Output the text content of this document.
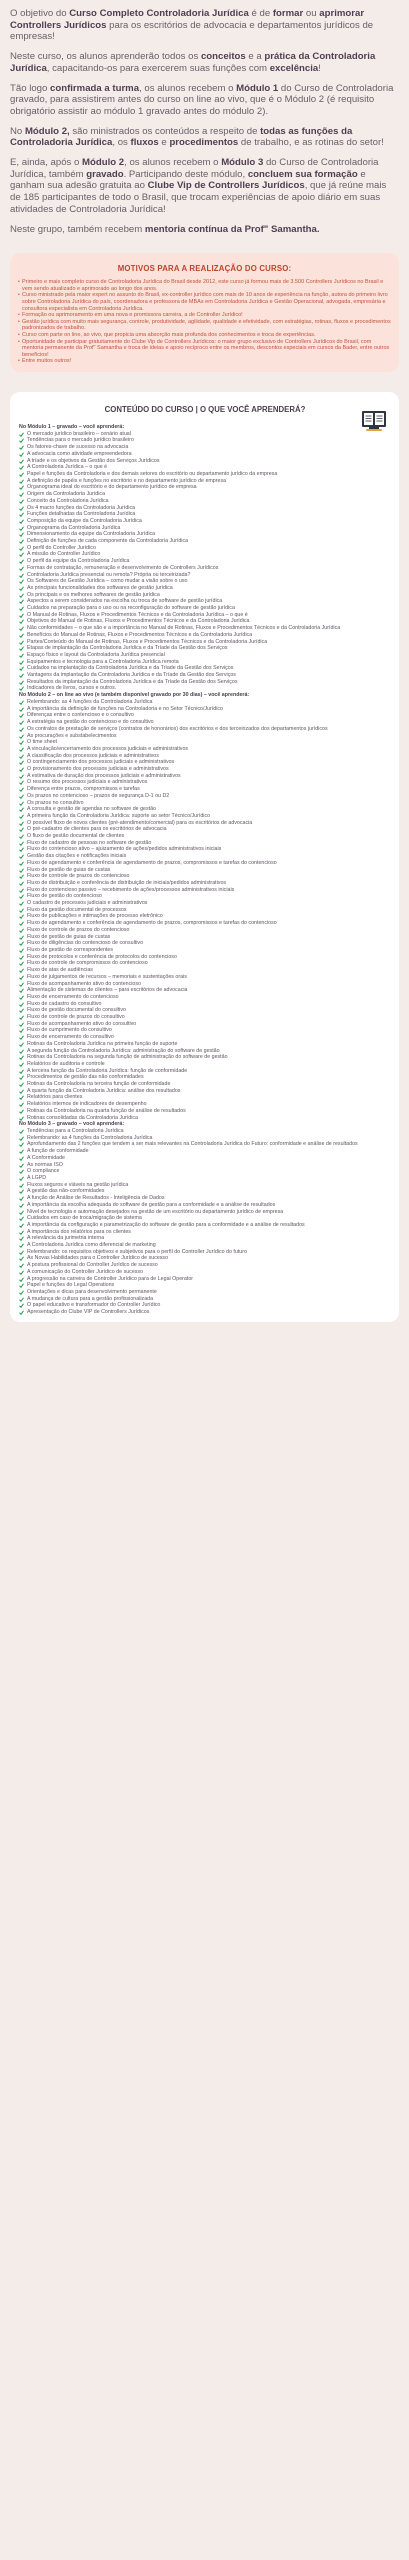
O objetivo do Curso Completo Controladoria Jurídica é de formar ou aprimorar Controllers Jurídicos para os escritórios de advocacia e departamentos jurídicos de empresas!

Neste curso, os alunos aprenderão todos os conceitos e a prática da Controladoria Jurídica, capacitando-os para exercerem suas funções com excelência!

Tão logo confirmada a turma, os alunos recebem o Módulo 1 do Curso de Controladoria gravado, para assistirem antes do curso on line ao vivo, que é o Módulo 2 (é requisito obrigatório assistir ao módulo 1 gravado antes do módulo 2).

No Módulo 2, são ministrados os conteúdos a respeito de todas as funções da Controladoria Jurídica, os fluxos e procedimentos de trabalho, e as rotinas do setor!

E, ainda, após o Módulo 2, os alunos recebem o Módulo 3 do Curso de Controladoria Jurídica, também gravado. Participando deste módulo, concluem sua formação e ganham sua adesão gratuita ao Clube Vip de Controllers Jurídicos, que já reúne mais de 185 participantes de todo o Brasil, que trocam experiências de apoio diário em suas atividades de Controladoria Jurídica!

Neste grupo, também recebem mentoria contínua da Prof" Samantha.

MOTIVOS PARA A REALIZAÇÃO DO CURSO:
• Primeiro e mais completo curso de Controladoria Jurídica do Brasil desde 2012, este curso já formou mais de 3.500 Controllers Jurídicos no Brasil e vem sendo atualizado e aprimorado ao longo dos anos.
• Curso ministrado pela maior expert no assunto do Brasil, ex-controller jurídico com mais de 10 anos de experiência na função, autora do primeiro livro sobre Controladoria Jurídica do país, coordenadora e professora de MBAs em Controladoria Jurídica e Gestão Operacional, advogada, empresária e consultora especialista em Controladoria Jurídica.
• Formação ou aprimoramento em uma nova e promissora carreira, a de Controller Jurídico!
• Gestão jurídica com muito mais segurança, controle, produtividade, agilidade, qualidade e efetividade, com estratégias, rotinas, fluxos e procedimentos padronizados de trabalho.
• Curso com parte on line, ao vivo, que propicia uma absorção mais profunda dos conhecimentos e troca de experiências.
• Oportunidade de participar gratuitamente do Clube Vip de Controllers Jurídicos: o maior grupo exclusivo de Controllers Jurídicos do Brasil, com mentoria permanente da Prof" Samantha e troca de ideias e apoio recíproco entre os membros, descontos especiais em cursos da Bader, entre outros benefícios!
• Entre muitos outros!
CONTEÚDO DO CURSO | O QUE VOCÊ APRENDERÁ?
No Módulo 1 – gravado – você aprenderá:
O mercado jurídico brasileiro – cenário atual
Tendências para o mercado jurídico brasileiro
Os fatores-chave de sucesso na advocacia
A advocacia como atividade empreendedora
A tríade e os objetivos da Gestão dos Serviços Jurídicos
A Controladoria Jurídica – o que é
Papel e funções da Controladoria e dos demais setores do escritório ou departamento jurídico da empresa
A definição de papéis e funções no escritório e no departamento jurídico de empresa
Organograma ideal do escritório e do departamento jurídico de empresa
Origem da Controladoria Jurídica
Conceito da Controladoria Jurídica
Os 4 macro funções da Controladoria Jurídica
Funções detalhadas da Controladoria Jurídica
Composição da equipe da Controladoria Jurídica
Organograma da Controladoria Jurídica
Dimensionamento da equipe da Controladoria Jurídica
Definição de funções de cada componente da Controladoria Jurídica
O perfil do Controller Jurídico
A missão do Controller Jurídico
O perfil da equipe da Controladoria Jurídica
Formas de contratação, remuneração e desenvolvimento de Controllers Jurídicos
Controladoria Jurídica presencial ou remota? Própria ou terceirizada?
Os Softwares de Gestão Jurídica – como mudar a visão sobre o uso
As principais funcionalidades dos softwares de gestão jurídica
Os principais e os melhores softwares de gestão jurídica
Aspectos a serem considerados na escolha ou troca de software de gestão jurídica
Cuidados na preparação para o uso ou na reconfiguração do software de gestão jurídica
O Manual de Rotinas, Fluxos e Procedimentos Técnicos e da Controladoria Jurídica – o que é
Objetivos do Manual de Rotinas, Fluxos e Procedimentos Técnicos e da Controladoria Jurídica
Não conformidades – o que são e a importância no Manual de Rotinas, Fluxos e Procedimentos Técnicos e da Controladoria Jurídica
Benefícios do Manual de Rotinas, Fluxos e Procedimentos Técnicos e da Controladoria Jurídica
Partes/Conteúdo do Manual de Rotinas, Fluxos e Procedimentos Técnicos e da Controladoria Jurídica
Etapas de implantação da Controladoria Jurídica e da Tríade da Gestão dos Serviços
Espaço físico e layout da Controladoria Jurídica presencial
Equipamentos e tecnologia para a Controladoria Jurídica remota
Cuidados na implantação da Controladoria Jurídica e da Tríade da Gestão dos Serviços
Vantagens da implantação da Controladoria Jurídica e da Tríade da Gestão dos Serviços
Resultados da implantação da Controladoria Jurídica e da Tríade da Gestão dos Serviços
Indicadores de livros, cursos e outros.
No Módulo 2 – on line ao vivo (e também disponível gravado por 30 dias) – você aprenderá:
Relembrando: as 4 funções da Controladoria Jurídica
A importância da definição de funções na Controladoria e no Setor Técnico/Jurídico
Diferenças entre o contencioso e o consultivo
A estratégia na gestão do contencioso e do consultivo
Os contratos de prestação de serviços (contratos de honorários) dos escritórios e dos terceirizados dos departamentos jurídicos
As procurações e substabelecimentos
O time sheet
A vinculação/encerramento dos processos judiciais e administrativos
A classificação dos processos judiciais e administrativos
O contingenciamento dos processos judiciais e administrativos
O provisionamento dos processos judiciais e administrativos
A estimativa de duração dos processos judiciais e administrativos
O resumo dos processos judiciais e administrativos
Diferença entre prazos, compromissos e tarefas
Os prazos no contencioso – prazos de segurança D-1 ou D2
Os prazos no consultivo
A consulta e gestão de agendas no software de gestão
A primeira função da Controladoria Jurídica: suporte ao setor Técnico/Jurídico
O possível fluxo de novos clientes (pré-atendimento/comercial) para os escritórios de advocacia
O pré-cadastro de clientes para os escritórios de advocacia
O fluxo de gestão documental de clientes
Fluxo de cadastro de pessoas no software de gestão
Fluxo do contencioso ativo – ajuizamento de ações/pedidos administrativos iniciais
Gestão das citações e notificações iniciais
Fluxo de agendamento e conferência de agendamento de prazos, compromissos e tarefas do contencioso
Fluxo de gestão de guias de custas
Fluxo de controle de prazos do contencioso
Fluxo de distribuição e conferência de distribuição de iniciais/pedidos administrativos
Fluxo do contencioso passivo – recebimento de ações/processos administrativos iniciais
Fluxo de gestão do contencioso
O cadastro de processos judiciais e administrativos
Fluxo da gestão documental de processos
Fluxo de publicações e intimações de processo eletrônico
Fluxo de agendamento e conferência de agendamento de prazos, compromissos e tarefas do contencioso
Fluxo de controle de prazos do contencioso
Fluxo de gestão de guias de custas
Fluxo de diligências do contencioso de consultivo
Fluxo de gestão de correspondentes
Fluxo de protocolos e conferência de protocolos do contencioso
Fluxo de controle de compromissos do contencioso
Fluxo de atas de audiências
Fluxo de julgamentos de recursos – memoriais e sustentações orais
Fluxo de acompanhamento ativo do contencioso
Alimentação de sistemas de clientes – para escritórios de advocacia
Fluxo de encerramento do contencioso
Fluxo de cadastro do consultivo
Fluxo de gestão documental do consultivo
Fluxo de controle de prazos do consultivo
Fluxo de acompanhamento ativo do consultivo
Fluxo de cumprimento do consultivo
Fluxo de encerramento do consultivo
Rotinas da Controladoria Jurídica na primeira função de suporte
A segunda função da Controladoria Jurídica: administração do software de gestão
Rotinas da Controladoria na segunda função de administração do software de gestão
Relatórios de auditoria e controle
A terceira função da Controladoria Jurídica: função de conformidade
Procedimentos de gestão das não conformidades
Rotinas da Controladoria na terceira função de conformidade
A quarta função da Controladoria Jurídica: análise dos resultados
Relatórios para clientes
Relatórios internos de indicadores de desempenho
Rotinas da Controladoria na quarta função de análise de resultados
Rotinas consolidadas da Controladoria Jurídica
No Módulo 3 – gravado – você aprenderá:
Tendências para a Controladoria Jurídica
Relembrando: as 4 funções da Controladoria Jurídica
Aprofundamento das 2 funções que tendem a ser mais relevantes na Controladoria Jurídica do Futuro: conformidade e análise de resultados
A função de conformidade
A Conformidade
As normas ISO
O compliance
A LGPD
Fluxos seguros e viáveis na gestão jurídica
A gestão das não-conformidades
A função de Análise de Resultados - Inteligência de Dados
A importância da escolha adequada do software de gestão para a conformidade e a análise de resultados
Nível de tecnologia e automação desejados na gestão de um escritório ou departamento jurídico de empresa
Cuidados em caso de troca/migração de sistema
A importância da configuração e parametrização do software de gestão para a conformidade e a análise de resultados
A importância dos relatórios para os clientes
A relevância da jurimetria interna
A Controladoria Jurídica como diferencial de marketing
Relembrando: os requisitos objetivos e subjetivos para o perfil do Controller Jurídico do futuro
As Novas Habilidades para o Controller Jurídico de sucesso
A postura profissional do Controller Jurídico de sucesso
A comunicação do Controller Jurídico de sucesso
A progressão na carreira de Controller Jurídico para de Legal Operator
Papel e funções do Legal Operations
Orientações e dicas para desenvolvimento permanente
A mudança de cultura para a gestão profissionalizada
O papel educativo e transformador do Controller Jurídico
Apresentação do Clube VIP de Controllers Jurídicos
